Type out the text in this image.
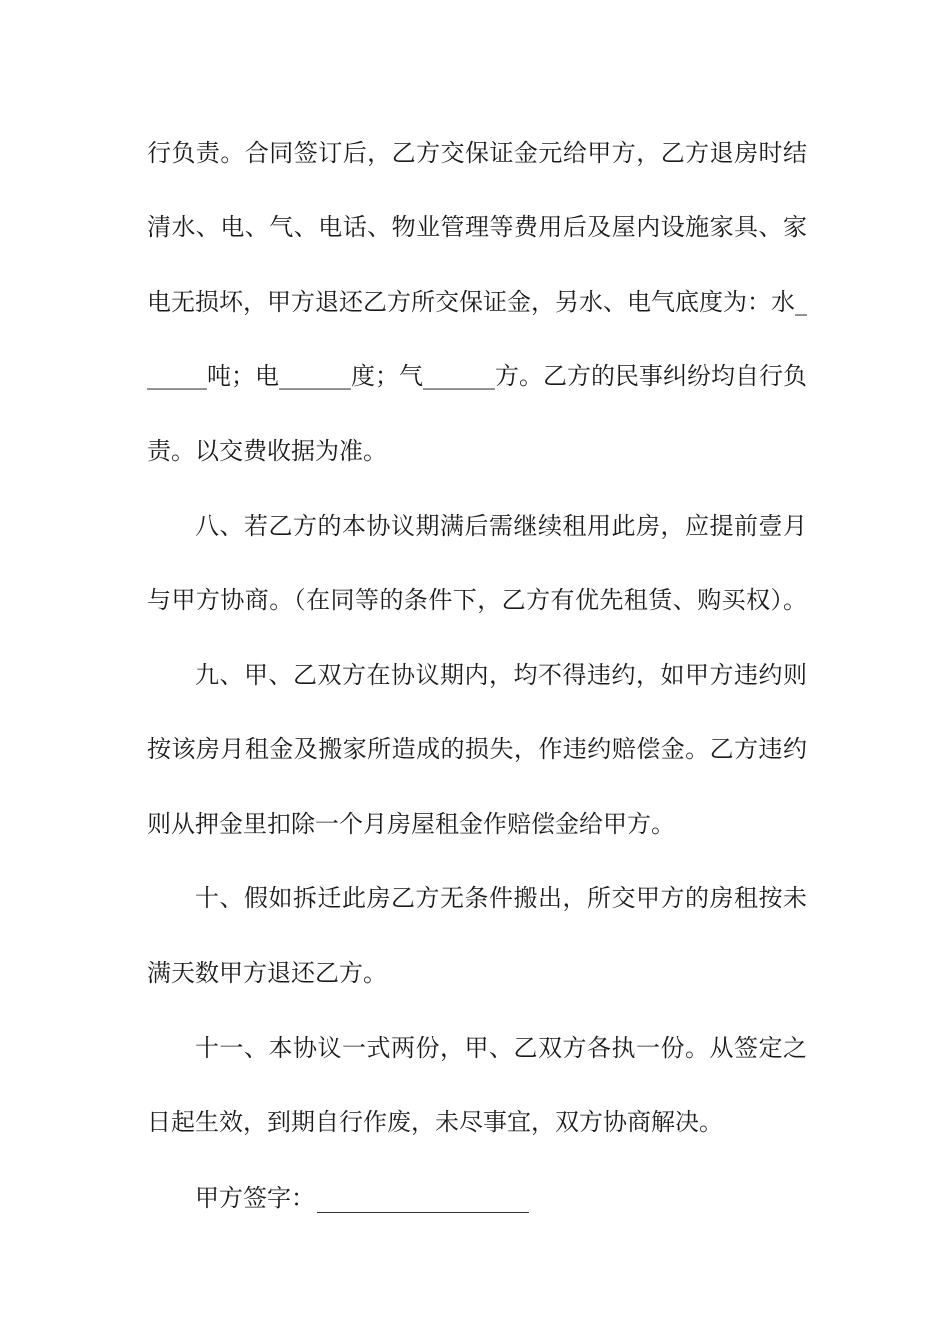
行负责。合同签订后，乙方交保证金元给甲方，乙方退房时结
清水、电、气、电话、物业管理等费用后及屋内设施家具、家
电无损坏，甲方退还乙方所交保证金，另水、电气底度为：水_
_____吨；电______度；气______方。乙方的民事纠纷均自行负
责。以交费收据为准。
八、若乙方的本协议期满后需继续租用此房，应提前壹月
与甲方协商。（在同等的条件下，乙方有优先租赁、购买权）。
九、甲、乙双方在协议期内，均不得违约，如甲方违约则
按该房月租金及搬家所造成的损失，作违约赔偿金。乙方违约
则从押金里扣除一个月房屋租金作赔偿金给甲方。
十、假如拆迁此房乙方无条件搬出，所交甲方的房租按未
满天数甲方退还乙方。
十一、本协议一式两份，甲、乙双方各执一份。从签定之
日起生效，到期自行作废，未尽事宜，双方协商解决。
甲方签字：
